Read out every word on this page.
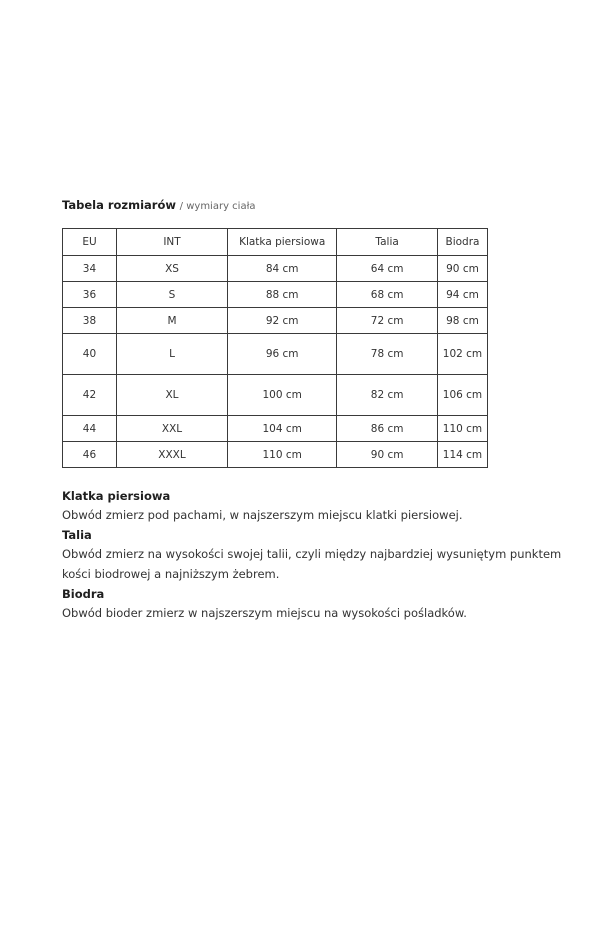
Tabela rozmiarów / wymiary ciała
EU	INT	Klatka piersiowa	Talia	Biodra
34	XS	84 cm	64 cm	90 cm
36	S	88 cm	68 cm	94 cm
38	M	92 cm	72 cm	98 cm
40	L	96 cm	78 cm	102 cm
42	XL	100 cm	82 cm	106 cm
44	XXL	104 cm	86 cm	110 cm
46	XXXL	110 cm	90 cm	114 cm
Klatka piersiowa
Obwód zmierz pod pachami, w najszerszym miejscu klatki piersiowej.
Talia
Obwód zmierz na wysokości swojej talii, czyli między najbardziej wysuniętym punktem kości biodrowej a najniższym żebrem.
Biodra
Obwód bioder zmierz w najszerszym miejscu na wysokości pośladków.
